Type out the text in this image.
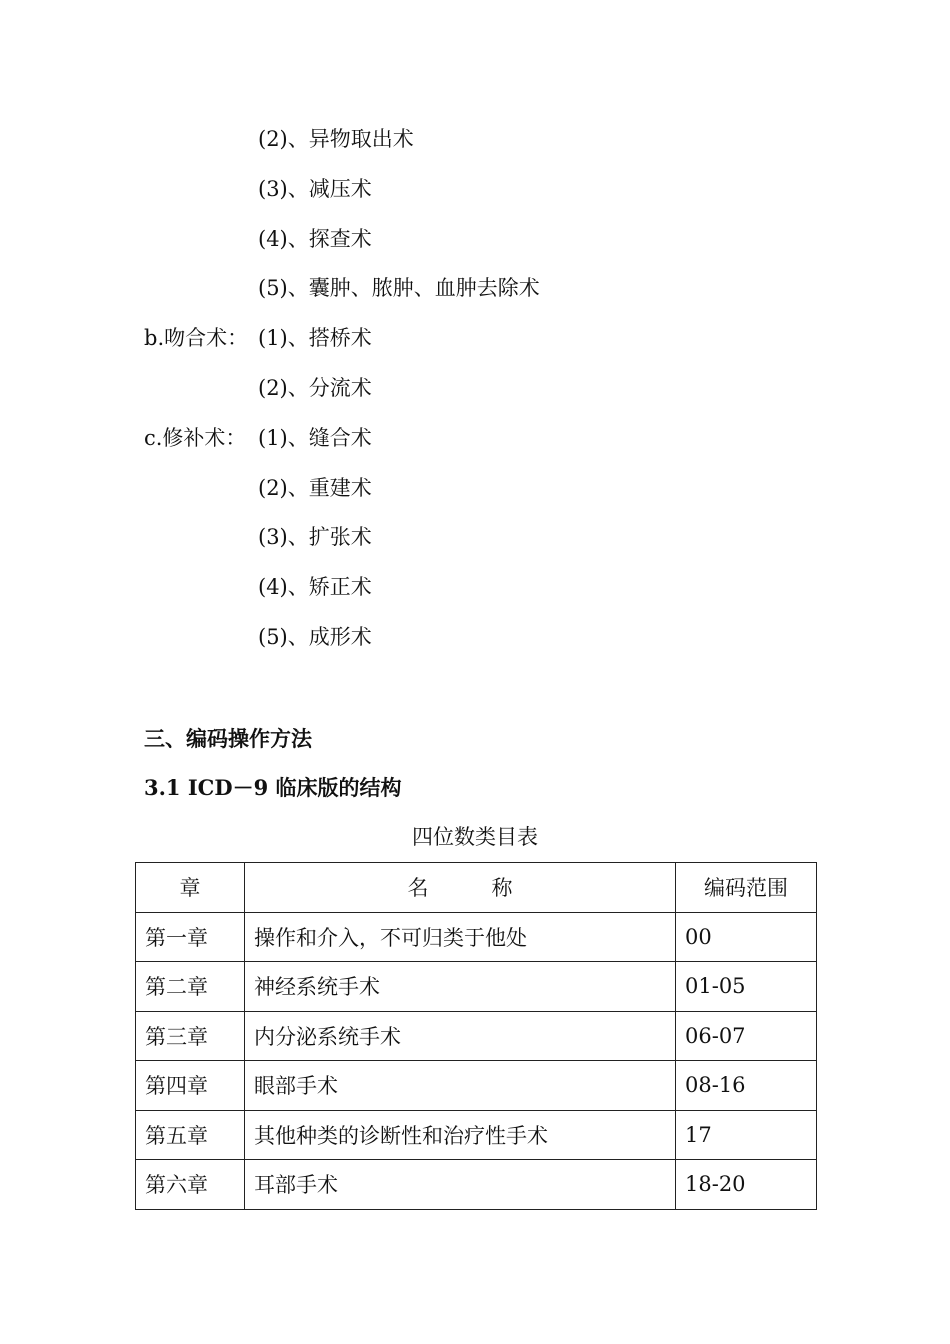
(2)、异物取出术
(3)、减压术
(4)、探查术
(5)、囊肿、脓肿、血肿去除术
b.吻合术： (1)、搭桥术
(2)、分流术
c.修补术： (1)、缝合术
(2)、重建术
(3)、扩张术
(4)、矫正术
(5)、成形术
三、编码操作方法
3.1 ICD－9 临床版的结构
四位数类目表
章	名　　　称	编码范围
第一章	操作和介入，不可归类于他处	00
第二章	神经系统手术	01-05
第三章	内分泌系统手术	06-07
第四章	眼部手术	08-16
第五章	其他种类的诊断性和治疗性手术	17
第六章	耳部手术	18-20
